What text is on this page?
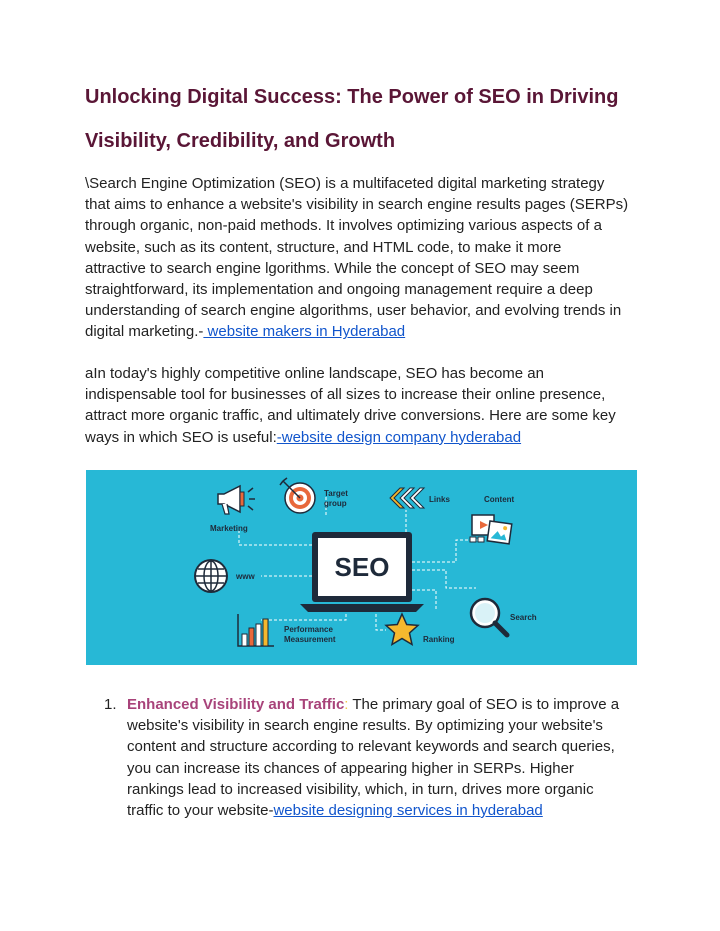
Unlocking Digital Success: The Power of SEO in Driving
Visibility, Credibility, and Growth

\Search Engine Optimization (SEO) is a multifaceted digital marketing strategy
that aims to enhance a website's visibility in search engine results pages (SERPs)
through organic, non-paid methods. It involves optimizing various aspects of a
website, such as its content, structure, and HTML code, to make it more
attractive to search engine lgorithms. While the concept of SEO may seem
straightforward, its implementation and ongoing management require a deep
understanding of search engine algorithms, user behavior, and evolving trends in
digital marketing.- website makers in Hyderabad

aIn today's highly competitive online landscape, SEO has become an
indispensable tool for businesses of all sizes to increase their online presence,
attract more organic traffic, and ultimately drive conversions. Here are some key
ways in which SEO is useful:-website design company hyderabad

Marketing
Target
group	Links	Content
SEO
www
Search
Performance
Measurement	Ranking
1. Enhanced Visibility and Traffic: The primary goal of SEO is to improve a
website's visibility in search engine results. By optimizing your website's
content and structure according to relevant keywords and search queries,
you can increase its chances of appearing higher in SERPs. Higher
rankings lead to increased visibility, which, in turn, drives more organic
traffic to your website-website designing services in hyderabad
